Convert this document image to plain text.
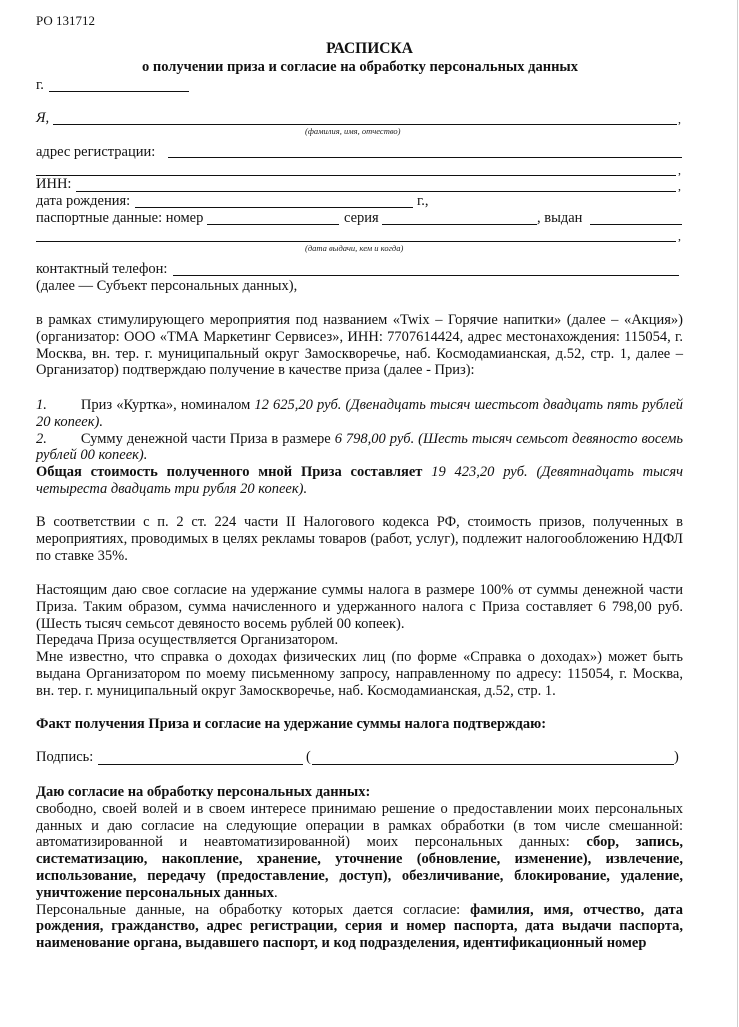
РО 131712
РАСПИСКА
о получении приза и согласие на обработку персональных данных
г.
Я,	,
(фамилия, имя, отчество)
адрес регистрации:
,
ИНН:	,
дата рождения:	г.,
паспортные данные: номер	серия	, выдан
,
(дата выдачи, кем и когда)
контактный телефон:
(далее — Субъект персональных данных),

в рамках стимулирующего мероприятия под названием «Twix – Горячие напитки» (далее – «Акция») (организатор: ООО «ТМА Маркетинг Сервисез», ИНН: 7707614424, адрес местонахождения: 115054, г. Москва, вн. тер. г. муниципальный округ Замоскворечье, наб. Космодамианская, д.52, стр. 1, далее – Организатор) подтверждаю получение в качестве приза (далее - Приз):

1. Приз «Куртка», номиналом 12 625,20 руб. (Двенадцать тысяч шестьсот двадцать пять рублей 20 копеек).

2. Сумму денежной части Приза в размере 6 798,00 руб. (Шесть тысяч семьсот девяносто восемь рублей 00 копеек).

Общая стоимость полученного мной Приза составляет 19 423,20 руб. (Девятнадцать тысяч четыреста двадцать три рубля 20 копеек).

В соответствии с п. 2 ст. 224 части II Налогового кодекса РФ, стоимость призов, полученных в мероприятиях, проводимых в целях рекламы товаров (работ, услуг), подлежит налогообложению НДФЛ по ставке 35%.

Настоящим даю свое согласие на удержание суммы налога в размере 100% от суммы денежной части Приза. Таким образом, сумма начисленного и удержанного налога с Приза составляет 6 798,00 руб. (Шесть тысяч семьсот девяносто восемь рублей 00 копеек).

Передача Приза осуществляется Организатором.

Мне известно, что справка о доходах физических лиц (по форме «Справка о доходах») может быть выдана Организатором по моему письменному запросу, направленному по адресу: 115054, г. Москва, вн. тер. г. муниципальный округ Замоскворечье, наб. Космодамианская, д.52, стр. 1.

Факт получения Приза и согласие на удержание суммы налога подтверждаю:
Подпись:	(	)

Даю согласие на обработку персональных данных:

свободно, своей волей и в своем интересе принимаю решение о предоставлении моих персональных данных и даю согласие на следующие операции в рамках обработки (в том числе смешанной: автоматизированной и неавтоматизированной) моих персональных данных: сбор, запись, систематизацию, накопление, хранение, уточнение (обновление, изменение), извлечение, использование, передачу (предоставление, доступ), обезличивание, блокирование, удаление, уничтожение персональных данных.

Персональные данные, на обработку которых дается согласие: фамилия, имя, отчество, дата рождения, гражданство, адрес регистрации, серия и номер паспорта, дата выдачи паспорта, наименование органа, выдавшего паспорт, и код подразделения, идентификационный номер
